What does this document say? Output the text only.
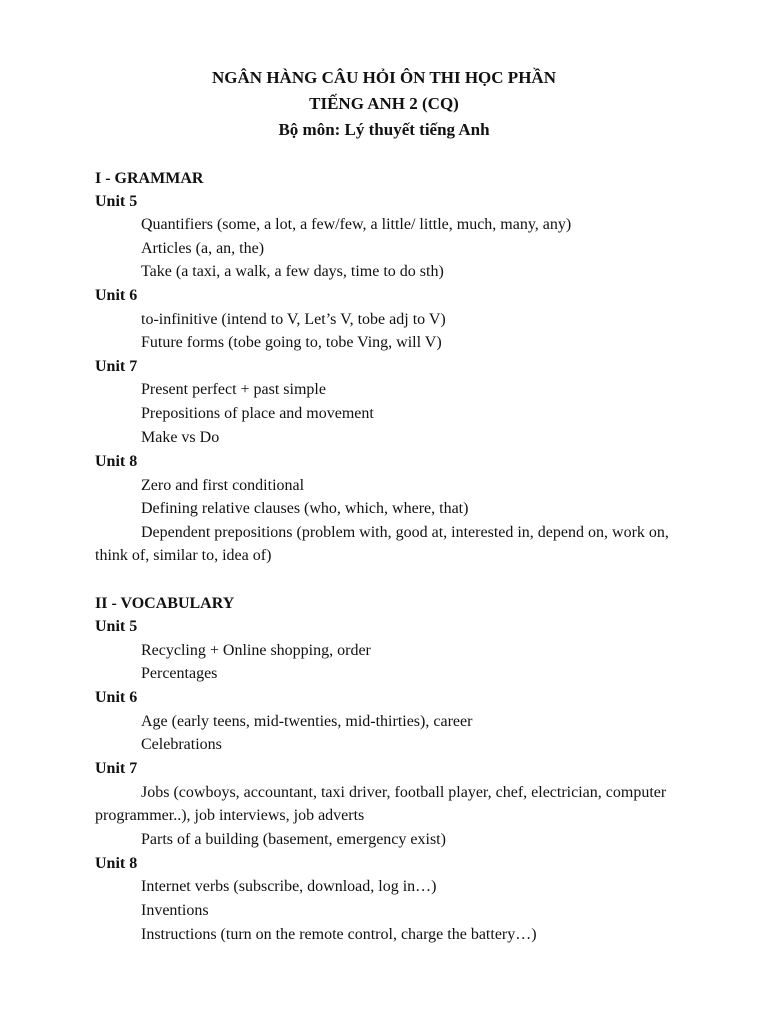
NGÂN HÀNG CÂU HỎI ÔN THI HỌC PHẦN
TIẾNG ANH 2 (CQ)
Bộ môn: Lý thuyết tiếng Anh
I - GRAMMAR
Unit 5
Quantifiers (some, a lot, a few/few, a little/ little, much, many, any)
Articles (a, an, the)
Take (a taxi, a walk, a few days, time to do sth)
Unit 6
to-infinitive (intend to V, Let’s V, tobe adj to V)
Future forms (tobe going to, tobe Ving, will V)
Unit 7
Present perfect + past simple
Prepositions of place and movement
Make vs Do
Unit 8
Zero and first conditional
Defining relative clauses (who, which, where, that)
Dependent prepositions (problem with, good at, interested in, depend on, work on,
think of, similar to, idea of)
II - VOCABULARY
Unit 5
Recycling + Online shopping, order
Percentages
Unit 6
Age (early teens, mid-twenties, mid-thirties), career
Celebrations
Unit 7
Jobs (cowboys, accountant, taxi driver, football player, chef, electrician, computer
programmer..), job interviews, job adverts
Parts of a building (basement, emergency exist)
Unit 8
Internet verbs (subscribe, download, log in…)
Inventions
Instructions (turn on the remote control, charge the battery…)
